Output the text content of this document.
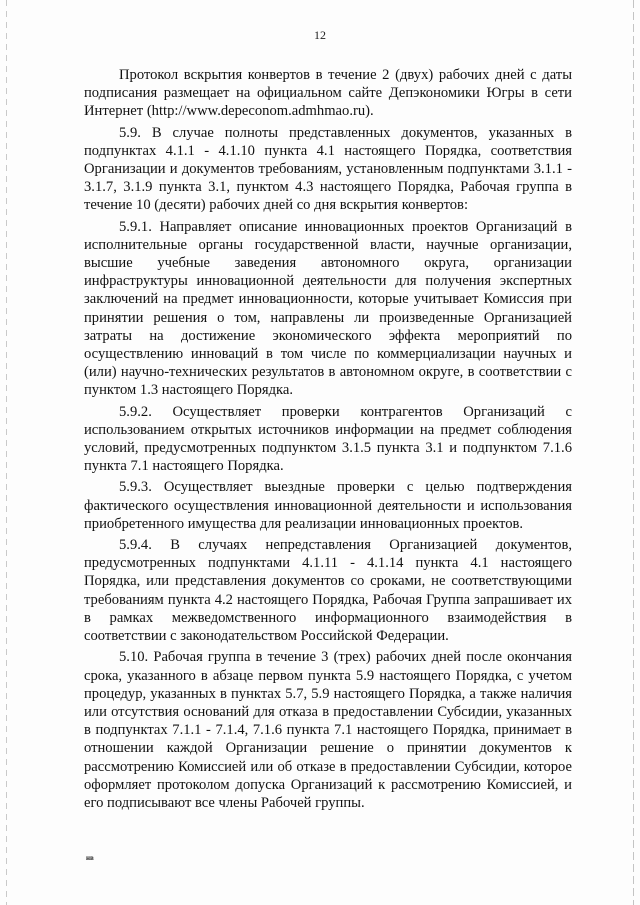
12

Протокол вскрытия конвертов в течение 2 (двух) рабочих дней с даты подписания размещает на официальном сайте Депэкономики Югры в сети Интернет (http://www.depeconom.admhmao.ru).

5.9. В случае полноты представленных документов, указанных в подпунктах 4.1.1 - 4.1.10 пункта 4.1 настоящего Порядка, соответствия Организации и документов требованиям, установленным подпунктами 3.1.1 - 3.1.7, 3.1.9 пункта 3.1, пунктом 4.3 настоящего Порядка, Рабочая группа в течение 10 (десяти) рабочих дней со дня вскрытия конвертов:

5.9.1. Направляет описание инновационных проектов Организаций в исполнительные органы государственной власти, научные организации, высшие учебные заведения автономного округа, организации инфраструктуры инновационной деятельности для получения экспертных заключений на предмет инновационности, которые учитывает Комиссия при принятии решения о том, направлены ли произведенные Организацией затраты на достижение экономического эффекта мероприятий по осуществлению инноваций в том числе по коммерциализации научных и (или) научно-технических результатов в автономном округе, в соответствии с пунктом 1.3 настоящего Порядка.

5.9.2. Осуществляет проверки контрагентов Организаций с использованием открытых источников информации на предмет соблюдения условий, предусмотренных подпунктом 3.1.5 пункта 3.1 и подпунктом 7.1.6 пункта 7.1 настоящего Порядка.

5.9.3. Осуществляет выездные проверки с целью подтверждения фактического осуществления инновационной деятельности и использования приобретенного имущества для реализации инновационных проектов.

5.9.4. В случаях непредставления Организацией документов, предусмотренных подпунктами 4.1.11 - 4.1.14 пункта 4.1 настоящего Порядка, или представления документов со сроками, не соответствующими требованиям пункта 4.2 настоящего Порядка, Рабочая Группа запрашивает их в рамках межведомственного информационного взаимодействия в соответствии с законодательством Российской Федерации.

5.10. Рабочая группа в течение 3 (трех) рабочих дней после окончания срока, указанного в абзаце первом пункта 5.9 настоящего Порядка, с учетом процедур, указанных в пунктах 5.7, 5.9 настоящего Порядка, а также наличия или отсутствия оснований для отказа в предоставлении Субсидии, указанных в подпунктах 7.1.1 - 7.1.4, 7.1.6 пункта 7.1 настоящего Порядка, принимает в отношении каждой Организации решение о принятии документов к рассмотрению Комиссией или об отказе в предоставлении Субсидии, которое оформляет протоколом допуска Организаций к рассмотрению Комиссией, и его подписывают все члены Рабочей группы.

нв
